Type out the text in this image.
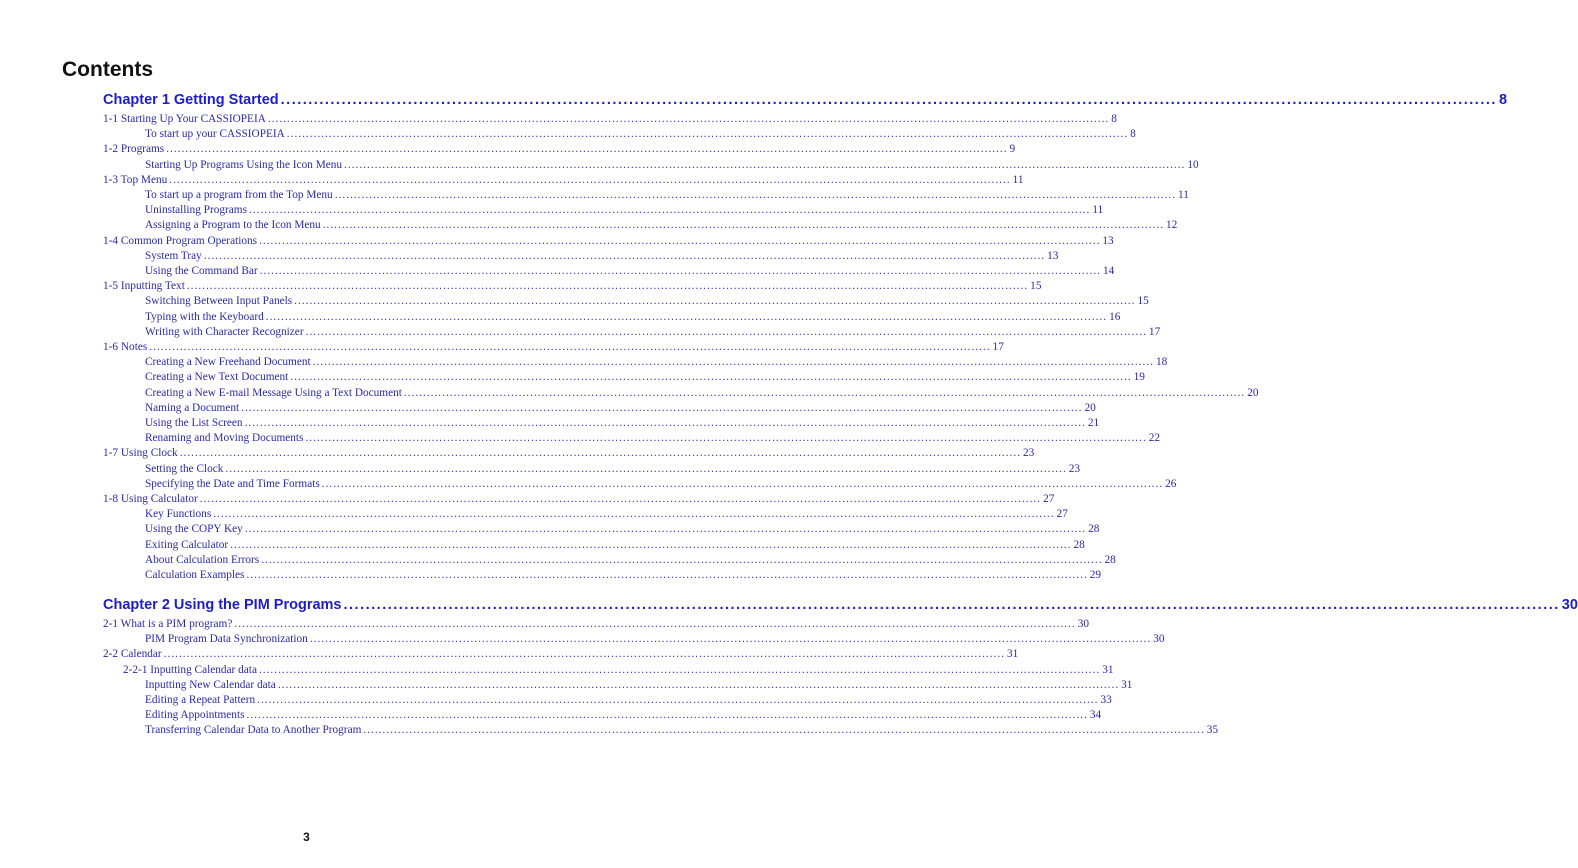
Contents
Chapter 1 Getting Started ............................................................................................................................................................................................................................ 8
1-1 Starting Up Your CASSIOPEIA ............................................................................................................................................................................................................................ 8
To start up your CASSIOPEIA ............................................................................................................................................................................................................................ 8
1-2 Programs ............................................................................................................................................................................................................................ 9
Starting Up Programs Using the Icon Menu ............................................................................................................................................................................................................................ 10
1-3 Top Menu ............................................................................................................................................................................................................................ 11
To start up a program from the Top Menu ............................................................................................................................................................................................................................ 11
Uninstalling Programs ............................................................................................................................................................................................................................ 11
Assigning a Program to the Icon Menu ............................................................................................................................................................................................................................ 12
1-4 Common Program Operations ............................................................................................................................................................................................................................ 13
System Tray ............................................................................................................................................................................................................................ 13
Using the Command Bar ............................................................................................................................................................................................................................ 14
1-5 Inputting Text ............................................................................................................................................................................................................................ 15
Switching Between Input Panels ............................................................................................................................................................................................................................ 15
Typing with the Keyboard ............................................................................................................................................................................................................................ 16
Writing with Character Recognizer ............................................................................................................................................................................................................................ 17
1-6 Notes ............................................................................................................................................................................................................................ 17
Creating a New Freehand Document ............................................................................................................................................................................................................................ 18
Creating a New Text Document ............................................................................................................................................................................................................................ 19
Creating a New E-mail Message Using a Text Document ............................................................................................................................................................................................................................ 20
Naming a Document ............................................................................................................................................................................................................................ 20
Using the List Screen ............................................................................................................................................................................................................................ 21
Renaming and Moving Documents ............................................................................................................................................................................................................................ 22
1-7 Using Clock ............................................................................................................................................................................................................................ 23
Setting the Clock ............................................................................................................................................................................................................................ 23
Specifying the Date and Time Formats ............................................................................................................................................................................................................................ 26
1-8 Using Calculator ............................................................................................................................................................................................................................ 27
Key Functions ............................................................................................................................................................................................................................ 27
Using the COPY Key ............................................................................................................................................................................................................................ 28
Exiting Calculator ............................................................................................................................................................................................................................ 28
About Calculation Errors ............................................................................................................................................................................................................................ 28
Calculation Examples ............................................................................................................................................................................................................................ 29
Chapter 2 Using the PIM Programs ............................................................................................................................................................................................................................ 30
2-1 What is a PIM program? ............................................................................................................................................................................................................................ 30
PIM Program Data Synchronization ............................................................................................................................................................................................................................ 30
2-2 Calendar ............................................................................................................................................................................................................................ 31
2-2-1 Inputting Calendar data ............................................................................................................................................................................................................................ 31
Inputting New Calendar data ............................................................................................................................................................................................................................ 31
Editing a Repeat Pattern ............................................................................................................................................................................................................................ 33
Editing Appointments ............................................................................................................................................................................................................................ 34
Transferring Calendar Data to Another Program ............................................................................................................................................................................................................................ 35
3
